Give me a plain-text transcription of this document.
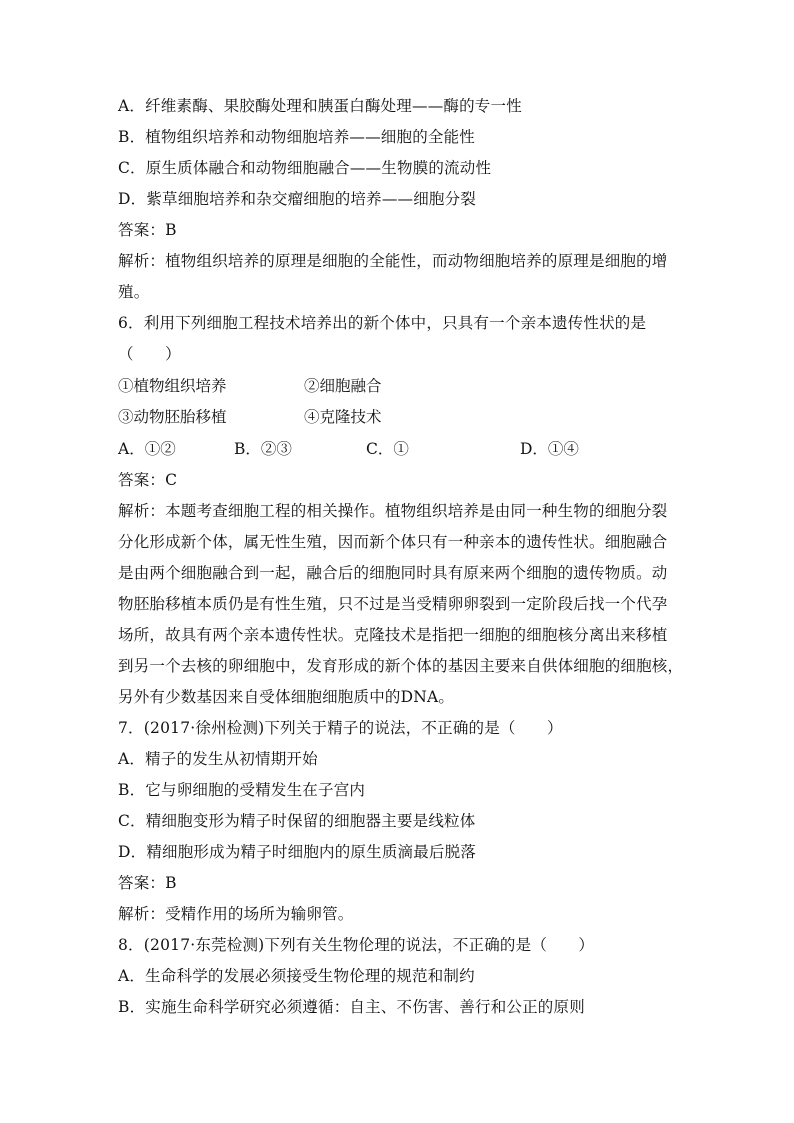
A．纤维素酶、果胶酶处理和胰蛋白酶处理——酶的专一性

B．植物组织培养和动物细胞培养——细胞的全能性

C．原生质体融合和动物细胞融合——生物膜的流动性

D．紫草细胞培养和杂交瘤细胞的培养——细胞分裂

答案：B

解析：植物组织培养的原理是细胞的全能性，而动物细胞培养的原理是细胞的增

殖。

6．利用下列细胞工程技术培养出的新个体中，只具有一个亲本遗传性状的是

（　　）

①植物组织培养	②细胞融合
③动物胚胎移植	④克隆技术
A．①②	B．②③	C．①	D．①④

答案：C

解析：本题考查细胞工程的相关操作。植物组织培养是由同一种生物的细胞分裂

分化形成新个体，属无性生殖，因而新个体只有一种亲本的遗传性状。细胞融合

是由两个细胞融合到一起，融合后的细胞同时具有原来两个细胞的遗传物质。动

物胚胎移植本质仍是有性生殖，只不过是当受精卵卵裂到一定阶段后找一个代孕

场所，故具有两个亲本遗传性状。克隆技术是指把一细胞的细胞核分离出来移植

到另一个去核的卵细胞中，发育形成的新个体的基因主要来自供体细胞的细胞核，

另外有少数基因来自受体细胞细胞质中的DNA。

7．(2017·徐州检测)下列关于精子的说法，不正确的是（　　）

A．精子的发生从初情期开始

B．它与卵细胞的受精发生在子宫内

C．精细胞变形为精子时保留的细胞器主要是线粒体

D．精细胞形成为精子时细胞内的原生质滴最后脱落

答案：B

解析：受精作用的场所为输卵管。

8．(2017·东莞检测)下列有关生物伦理的说法，不正确的是（　　）

A．生命科学的发展必须接受生物伦理的规范和制约

B．实施生命科学研究必须遵循：自主、不伤害、善行和公正的原则
